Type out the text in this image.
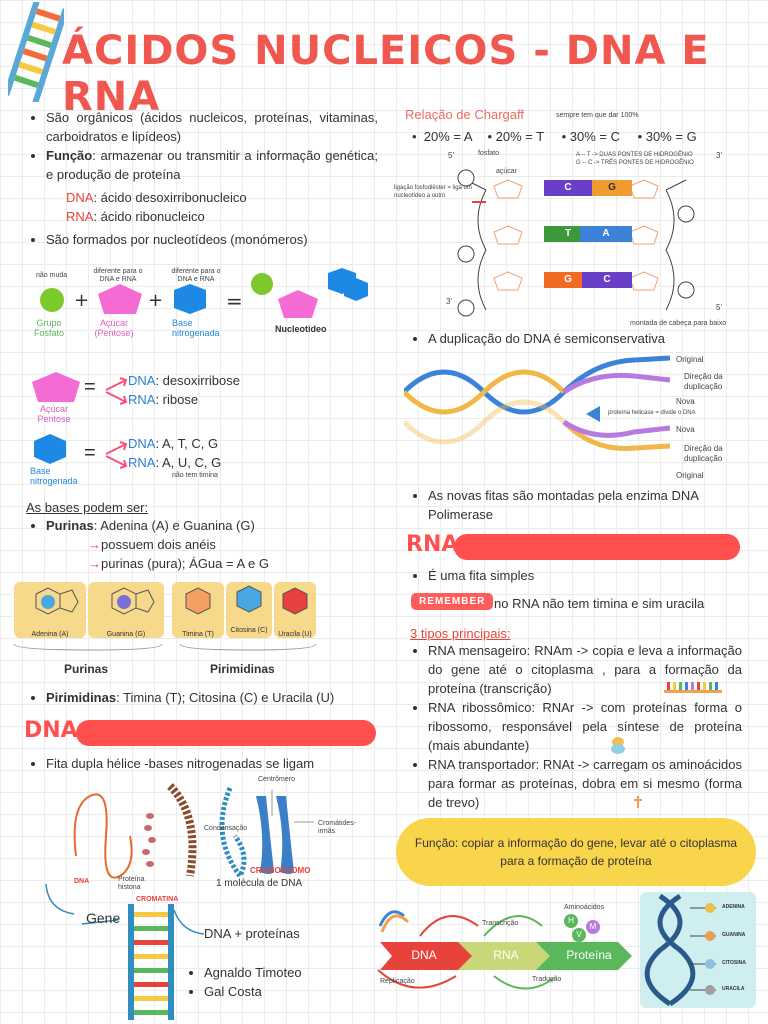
ÁCIDOS NUCLEICOS - DNA E RNA
• São orgânicos (ácidos nucleicos, proteínas, vitaminas, carboidratos e lipídeos)
• Função: armazenar ou transmitir a informação genética; e produção de proteína
DNA: ácido desoxirribonucleico
RNA: ácido ribonucleico
• São formados por nucleotídeos (monómeros)
não muda
diferente para o DNA e RNA
diferente para o DNA e RNA
+	+	=
Grupo Fosfato
Açúcar (Pentose)
Base nitrogenada	Nucleotídeo
Açúcar Pentose
= DNA: desoxirribose
RNA: ribose
Base nitrogenada
= DNA: A, T, C, G
RNA: A, U, C, G
não tem timina
As bases podem ser:
• Purinas: Adenina (A) e Guanina (G)
→possuem dois anéis
→purinas (pura); ÁGua = A e G
Adenina (A)	Guanina (G)	Timina (T)
Citosina (C)
Uracila (U)
Purinas	Pirimidinas
• Pirimidinas: Timina (T); Citosina (C) e Uracila (U)
DNA
• Fita dupla hélice -bases nitrogenadas se ligam
Centrômero
Cromátides-irmãs
Condensação
CROMOSSOMO
1 molécula de DNA
DNA	Proteína histona
CROMATINA
Gene
DNA + proteínas
• Agnaldo Timoteo
• Gal Costa
Relação de Chargaff	sempre tem que dar 100%
•  20% = A • 20% = T • 30% = C • 30% = G
C	G
T	A
G	C
5'	fosfato
açúcar
A -- T -> DUAS PONTES DE HIDROGÊNIO
G -- C -> TRÊS PONTES DE HIDROGÊNIO
3'
ligação fosfodiéster = liga um nucleotídeo a outro
3'
5'
montada de cabeça para baixo
• A duplicação do DNA é semiconservativa
Original
Direção da duplicação
Nova
proteína helicase = divide o DNA
Nova
Direção da duplicação
Original
• As novas fitas são montadas pela enzima DNA Polimerase
RNA
• É uma fita simples
REMEMBER no RNA não tem timina e sim uracila
3 tipos principais:
• RNA mensageiro: RNAm -> copia e leva a informação do gene até o citoplasma , para a formação da proteína (transcrição)
• RNA ribossômico: RNAr -> com proteínas forma o ribossomo, responsável pela síntese de proteína (mais abundante)
• RNA transportador: RNAt -> carregam os aminoácidos para formar as proteínas, dobra em si mesmo (forma de trevo)
Função: copiar a informação do gene, levar até o citoplasma para a formação de proteína
DNA	RNA	Proteína
Replicação
Transcrição
Tradução
Aminoácidos
H
V
M
ADENINA
GUANINA
CITOSINA
URACILA
